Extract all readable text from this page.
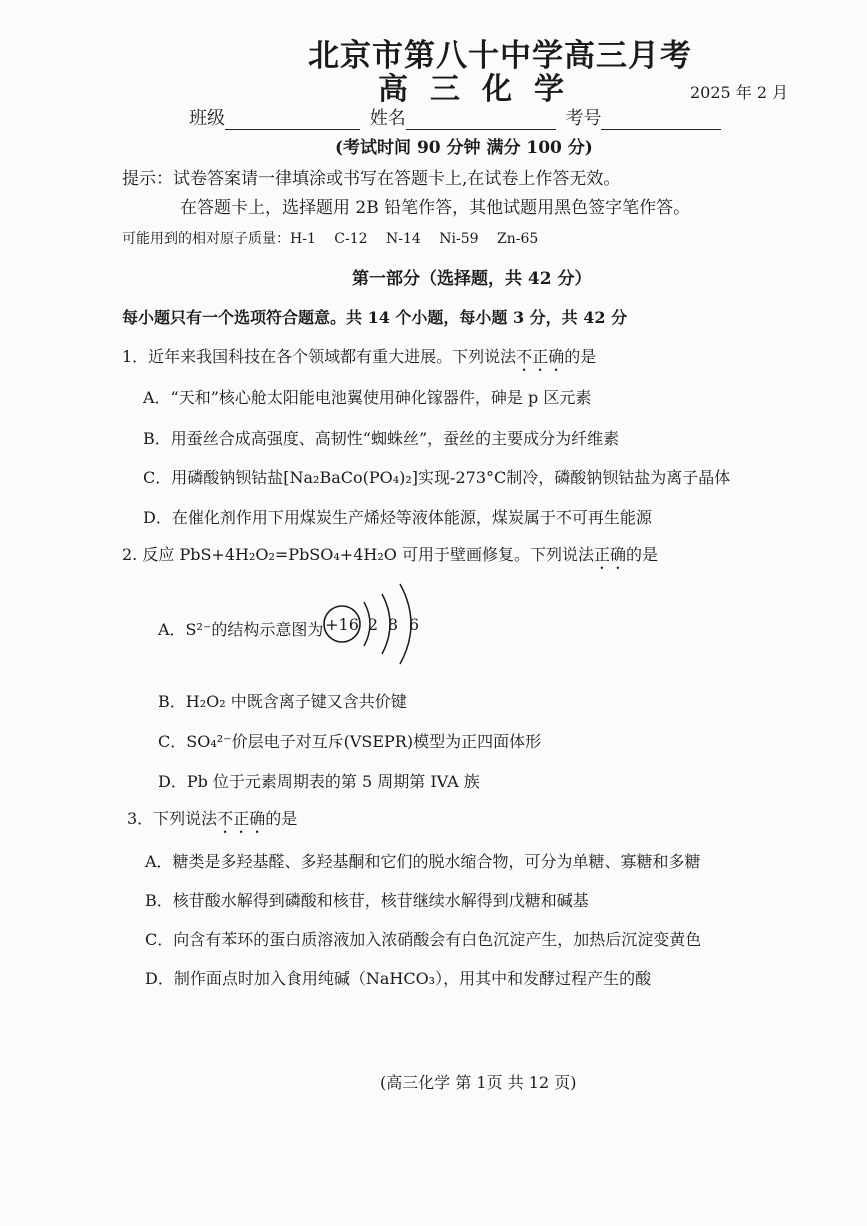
北京市第八十中学高三月考
高三化学	2025 年 2 月
班级	姓名	考号
(考试时间 90 分钟 满分 100 分)
提示：试卷答案请一律填涂或书写在答题卡上,在试卷上作答无效。
在答题卡上，选择题用 2B 铅笔作答，其他试题用黑色签字笔作答。
可能用到的相对原子质量：H-1 C-12 N-14 Ni-59 Zn-65
第一部分（选择题，共 42 分）
每小题只有一个选项符合题意。共 14 个小题，每小题 3 分，共 42 分
1．近年来我国科技在各个领域都有重大进展。下列说法不正确的是
A．“天和”核心舱太阳能电池翼使用砷化镓器件，砷是 p 区元素
B．用蚕丝合成高强度、高韧性“蜘蛛丝”，蚕丝的主要成分为纤维素
C．用磷酸钠钡钴盐[Na₂BaCo(PO₄)₂]实现-273°C制冷，磷酸钠钡钴盐为离子晶体
D．在催化剂作用下用煤炭生产烯烃等液体能源，煤炭属于不可再生能源
2. 反应 PbS+4H₂O₂=PbSO₄+4H₂O 可用于壁画修复。下列说法正确的是
A．S²⁻的结构示意图为 +16 2 8 6
B．H₂O₂ 中既含离子键又含共价键
C．SO₄²⁻价层电子对互斥(VSEPR)模型为正四面体形
D．Pb 位于元素周期表的第 5 周期第 IVA 族
3．下列说法不正确的是
A．糖类是多羟基醛、多羟基酮和它们的脱水缩合物，可分为单糖、寡糖和多糖
B．核苷酸水解得到磷酸和核苷，核苷继续水解得到戊糖和碱基
C．向含有苯环的蛋白质溶液加入浓硝酸会有白色沉淀产生，加热后沉淀变黄色
D．制作面点时加入食用纯碱（NaHCO₃），用其中和发酵过程产生的酸
(高三化学 第 1页 共 12 页)
